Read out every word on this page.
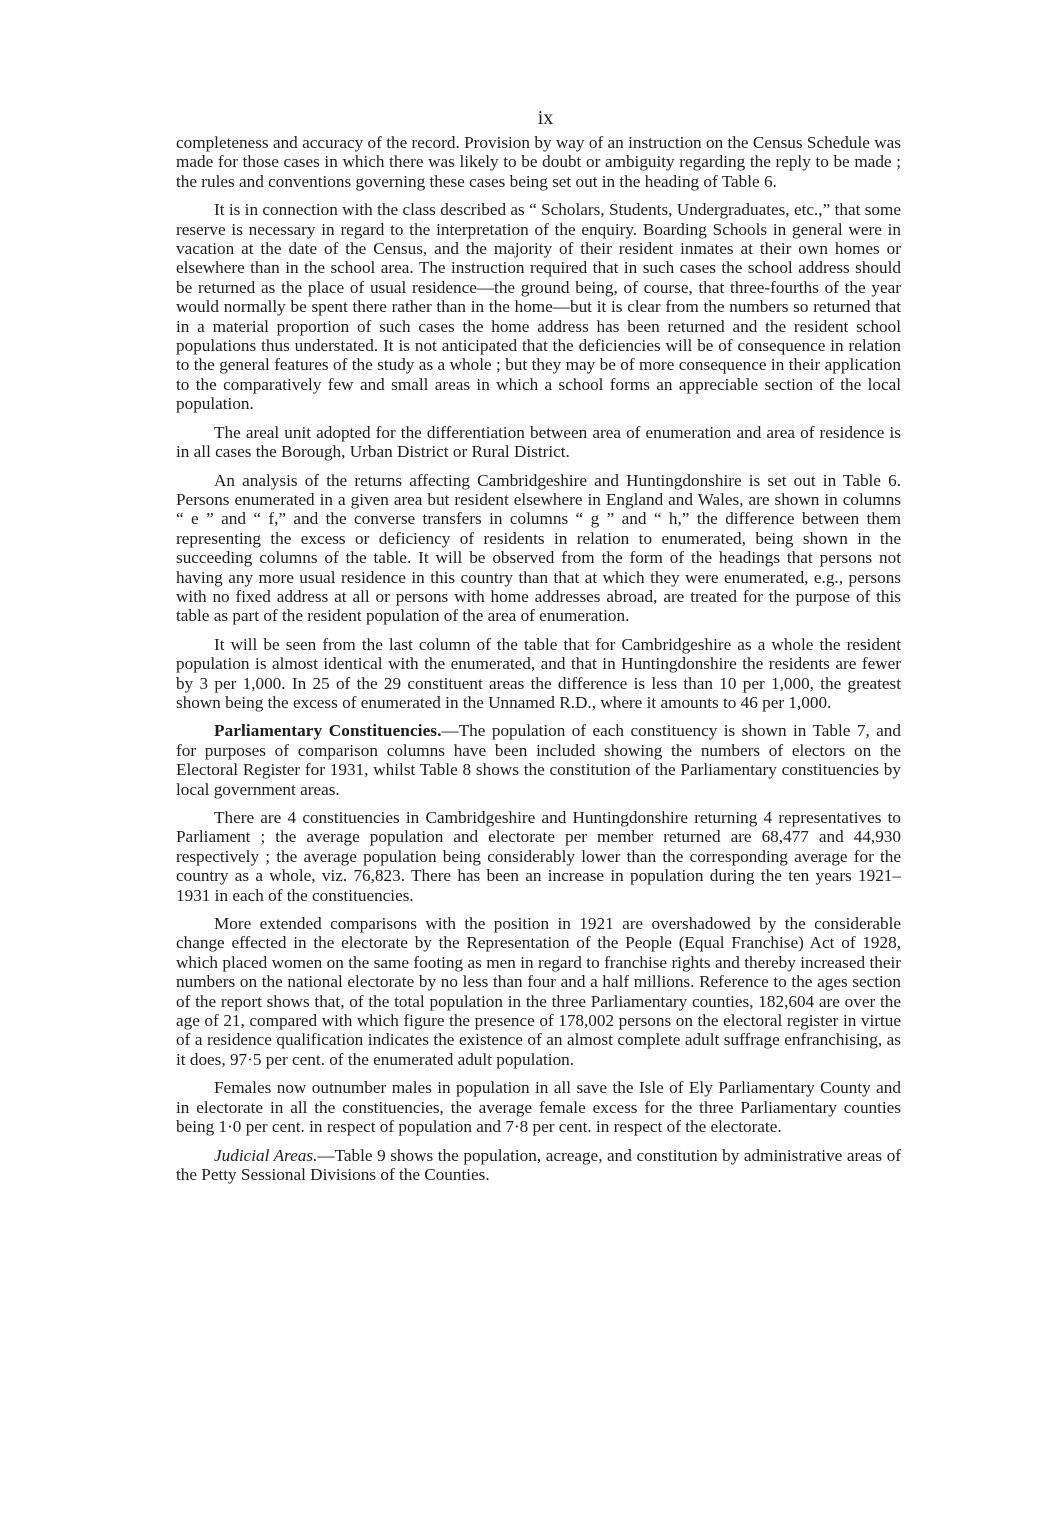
ix

completeness and accuracy of the record. Provision by way of an instruction on the Census Schedule was made for those cases in which there was likely to be doubt or ambiguity regarding the reply to be made ; the rules and conventions governing these cases being set out in the heading of Table 6.

It is in connection with the class described as “ Scholars, Students, Undergraduates, etc.,” that some reserve is necessary in regard to the interpretation of the enquiry. Boarding Schools in general were in vacation at the date of the Census, and the majority of their resident inmates at their own homes or elsewhere than in the school area. The instruction required that in such cases the school address should be returned as the place of usual residence—the ground being, of course, that three-fourths of the year would normally be spent there rather than in the home—but it is clear from the numbers so returned that in a material proportion of such cases the home address has been returned and the resident school populations thus understated. It is not anticipated that the deficiencies will be of consequence in relation to the general features of the study as a whole ; but they may be of more consequence in their application to the comparatively few and small areas in which a school forms an appreciable section of the local population.

The areal unit adopted for the differentiation between area of enumeration and area of residence is in all cases the Borough, Urban District or Rural District.

An analysis of the returns affecting Cambridgeshire and Huntingdonshire is set out in Table 6. Persons enumerated in a given area but resident elsewhere in England and Wales, are shown in columns “ e ” and “ f,” and the converse transfers in columns “ g ” and “ h,” the difference between them representing the excess or deficiency of residents in relation to enumerated, being shown in the succeeding columns of the table. It will be observed from the form of the headings that persons not having any more usual residence in this country than that at which they were enumerated, e.g., persons with no fixed address at all or persons with home addresses abroad, are treated for the purpose of this table as part of the resident population of the area of enumeration.

It will be seen from the last column of the table that for Cambridgeshire as a whole the resident population is almost identical with the enumerated, and that in Huntingdonshire the residents are fewer by 3 per 1,000. In 25 of the 29 constituent areas the difference is less than 10 per 1,000, the greatest shown being the excess of enumerated in the Unnamed R.D., where it amounts to 46 per 1,000.

Parliamentary Constituencies.—The population of each constituency is shown in Table 7, and for purposes of comparison columns have been included showing the numbers of electors on the Electoral Register for 1931, whilst Table 8 shows the constitution of the Parliamentary constituencies by local government areas.

There are 4 constituencies in Cambridgeshire and Huntingdonshire returning 4 representatives to Parliament ; the average population and electorate per member returned are 68,477 and 44,930 respectively ; the average population being considerably lower than the corresponding average for the country as a whole, viz. 76,823. There has been an increase in population during the ten years 1921–1931 in each of the constituencies.

More extended comparisons with the position in 1921 are overshadowed by the considerable change effected in the electorate by the Representation of the People (Equal Franchise) Act of 1928, which placed women on the same footing as men in regard to franchise rights and thereby increased their numbers on the national electorate by no less than four and a half millions. Reference to the ages section of the report shows that, of the total population in the three Parliamentary counties, 182,604 are over the age of 21, compared with which figure the presence of 178,002 persons on the electoral register in virtue of a residence qualification indicates the existence of an almost complete adult suffrage enfranchising, as it does, 97·5 per cent. of the enumerated adult population.

Females now outnumber males in population in all save the Isle of Ely Parliamentary County and in electorate in all the constituencies, the average female excess for the three Parliamentary counties being 1·0 per cent. in respect of population and 7·8 per cent. in respect of the electorate.

Judicial Areas.—Table 9 shows the population, acreage, and constitution by administrative areas of the Petty Sessional Divisions of the Counties.
